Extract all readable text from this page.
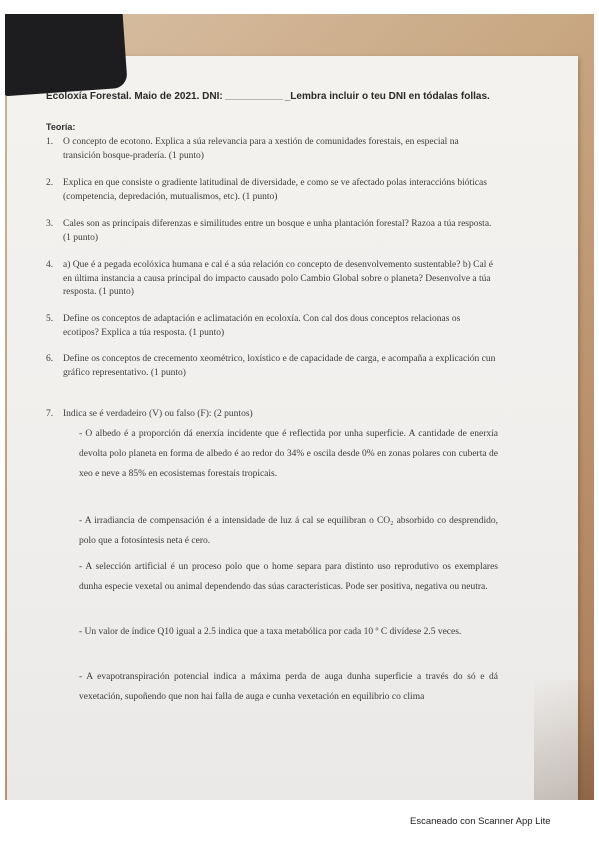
Ecoloxía Forestal. Maio de 2021. DNI:	_Lembra incluir o teu DNI en tódalas follas.
Teoría:
1.	O concepto de ecotono. Explica a súa relevancia para a xestión de comunidades forestais, en especial na transición bosque-pradería. (1 punto)
2.	Explica en que consiste o gradiente latitudinal de diversidade, e como se ve afectado polas interaccións bióticas (competencia, depredación, mutualismos, etc). (1 punto)
3.	Cales son as principais diferenzas e similitudes entre un bosque e unha plantación forestal? Razoa a túa resposta. (1 punto)
4.	a) Que é a pegada ecolóxica humana e cal é a súa relación co concepto de desenvolvemento sustentable? b) Cal é en última instancia a causa principal do impacto causado polo Cambio Global sobre o planeta? Desenvolve a túa resposta. (1 punto)
5.	Define os conceptos de adaptación e aclimatación en ecoloxía. Con cal dos dous conceptos relacionas os ecotipos? Explica a túa resposta. (1 punto)
6.	Define os conceptos de crecemento xeométrico, loxístico e de capacidade de carga, e acompaña a explicación cun gráfico representativo. (1 punto)
7.	Indica se é verdadeiro (V) ou falso (F): (2 puntos)
- O albedo é a proporción dá enerxía incidente que é reflectida por unha superficie. A cantidade de enerxía devolta polo planeta en forma de albedo é ao redor do 34% e oscila desde 0% en zonas polares con cuberta de xeo e neve a 85% en ecosistemas forestais tropicais.
- A irradiancia de compensación é a intensidade de luz á cal se equilibran o CO₂ absorbido co desprendido, polo que a fotosíntesis neta é cero.
- A selección artificial é un proceso polo que o home separa para distinto uso reprodutivo os exemplares dunha especie vexetal ou animal dependendo das súas características. Pode ser positiva, negativa ou neutra.
- Un valor de índice Q10 igual a 2.5 indica que a taxa metabólica por cada 10 º C divídese 2.5 veces.
- A evapotranspiración potencial indica a máxima perda de auga dunha superficie a través do só e dá vexetación, supoñendo que non hai falla de auga e cunha vexetación en equilibrio co clima
Escaneado con Scanner App Lite
